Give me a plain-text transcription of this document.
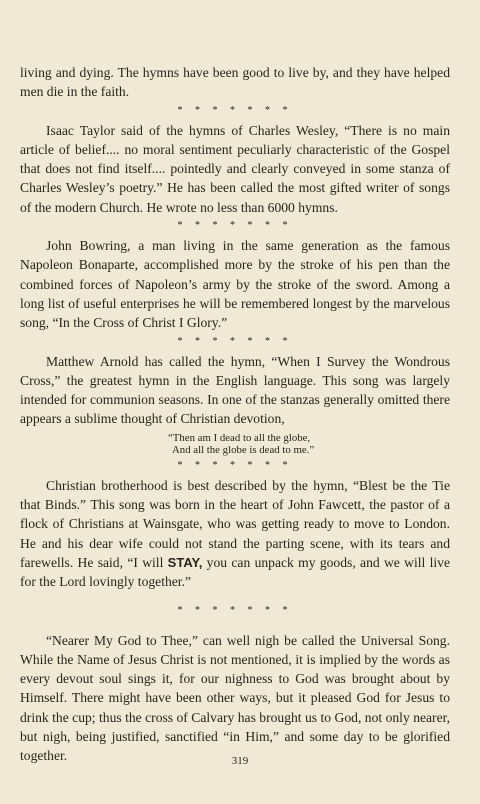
living and dying. The hymns have been good to live by, and they have helped men die in the faith.

* * * * * * *

Isaac Taylor said of the hymns of Charles Wesley, “There is no main article of belief.... no moral sentiment peculiarly characteristic of the Gospel that does not find itself.... pointedly and clearly conveyed in some stanza of Charles Wesley’s poetry.” He has been called the most gifted writer of songs of the modern Church. He wrote no less than 6000 hymns.

* * * * * * *

John Bowring, a man living in the same generation as the famous Napoleon Bonaparte, accomplished more by the stroke of his pen than the combined forces of Napoleon’s army by the stroke of the sword. Among a long list of useful enterprises he will be remembered longest by the marvelous song, “In the Cross of Christ I Glory.”

* * * * * * *

Matthew Arnold has called the hymn, “When I Survey the Wondrous Cross,” the greatest hymn in the English language. This song was largely intended for communion seasons. In one of the stanzas generally omitted there appears a sublime thought of Christian devotion,

“Then am I dead to all the globe,
And all the globe is dead to me.”
* * * * * * *

Christian brotherhood is best described by the hymn, “Blest be the Tie that Binds.” This song was born in the heart of John Fawcett, the pastor of a flock of Christians at Wainsgate, who was getting ready to move to London. He and his dear wife could not stand the parting scene, with its tears and farewells. He said, “I will STAY, you can unpack my goods, and we will live for the Lord lovingly together.”

* * * * * * *

“Nearer My God to Thee,” can well nigh be called the Universal Song. While the Name of Jesus Christ is not mentioned, it is implied by the words as every devout soul sings it, for our nighness to God was brought about by Himself. There might have been other ways, but it pleased God for Jesus to drink the cup; thus the cross of Calvary has brought us to God, not only nearer, but nigh, being justified, sanctified “in Him,” and some day to be glorified together.	319
